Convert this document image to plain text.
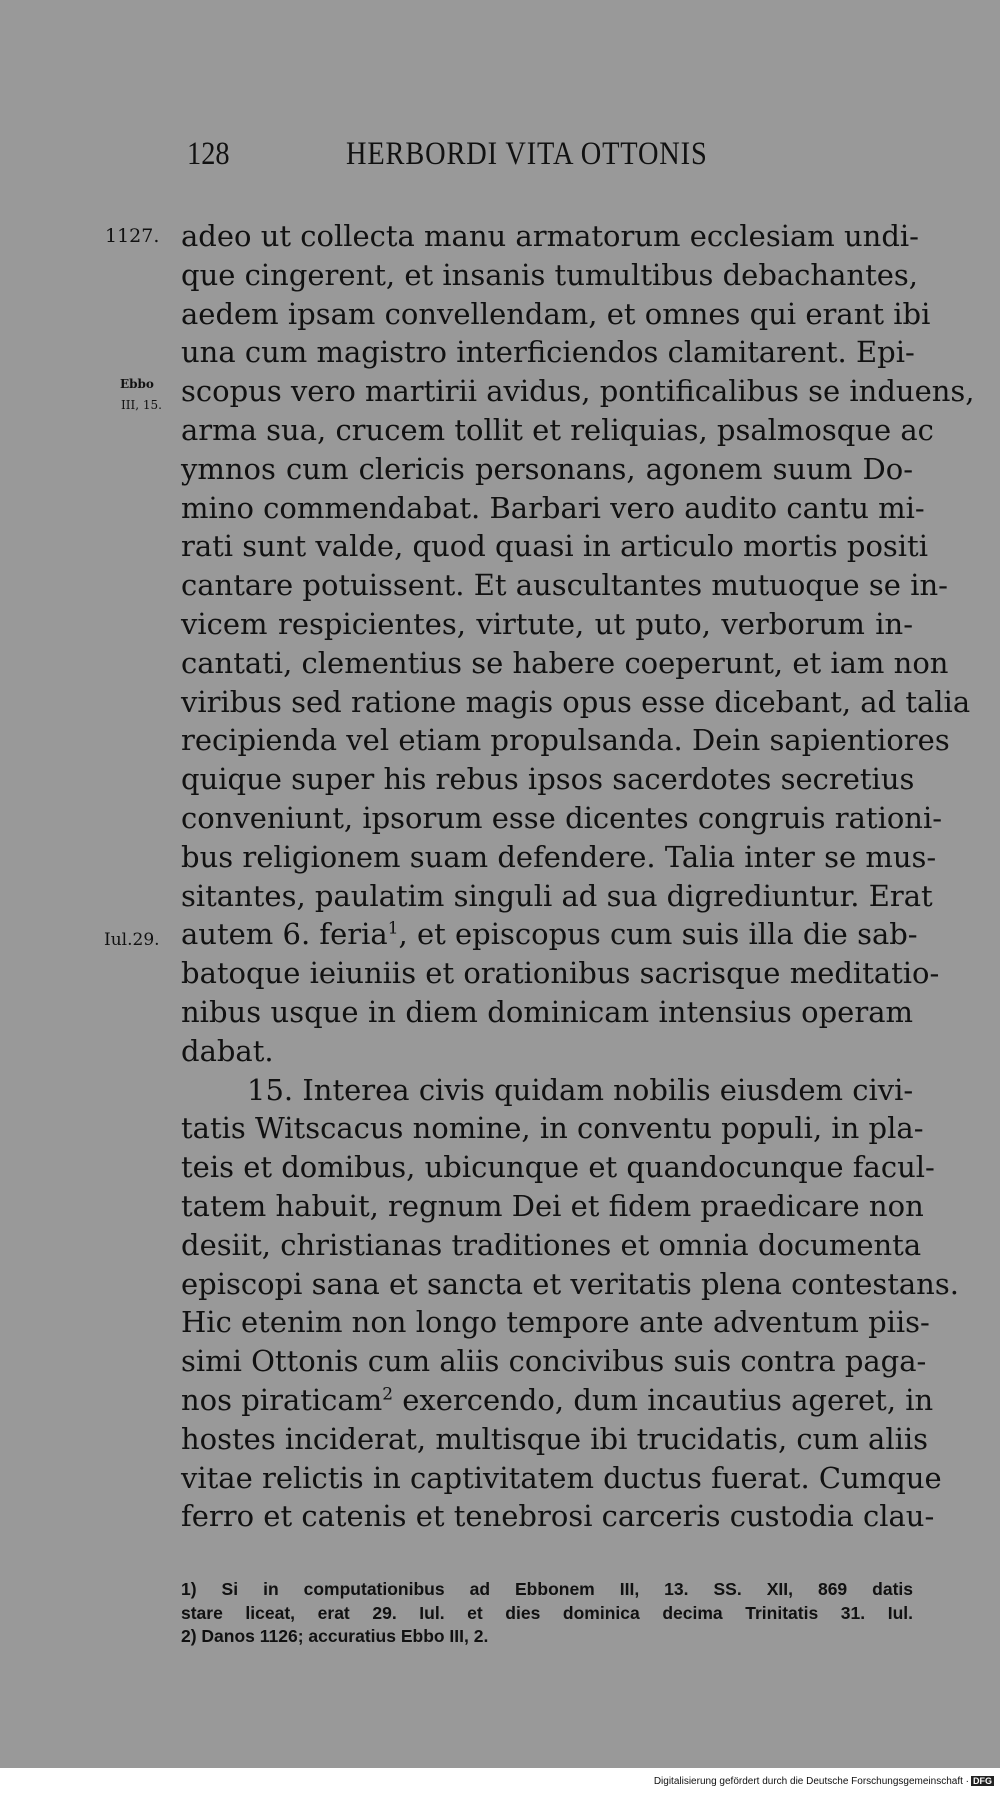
128	HERBORDI VITA OTTONIS
1127.
Ebbo
III, 15.
Iul.29.
adeo ut collecta manu armatorum ecclesiam undi-
que cingerent, et insanis tumultibus debachantes,
aedem ipsam convellendam, et omnes qui erant ibi
una cum magistro interficiendos clamitarent. Epi-
scopus vero martirii avidus, pontificalibus se induens,
arma sua, crucem tollit et reliquias, psalmosque ac
ymnos cum clericis personans, agonem suum Do-
mino commendabat. Barbari vero audito cantu mi-
rati sunt valde, quod quasi in articulo mortis positi
cantare potuissent. Et auscultantes mutuoque se in-
vicem respicientes, virtute, ut puto, verborum in-
cantati, clementius se habere coeperunt, et iam non
viribus sed ratione magis opus esse dicebant, ad talia
recipienda vel etiam propulsanda. Dein sapientiores
quique super his rebus ipsos sacerdotes secretius
conveniunt, ipsorum esse dicentes congruis rationi-
bus religionem suam defendere. Talia inter se mus-
sitantes, paulatim singuli ad sua digrediuntur. Erat
autem 6. feria$^1$, et episcopus cum suis illa die sab-
batoque ieiuniis et orationibus sacrisque meditatio-
nibus usque in diem dominicam intensius operam
dabat.
15. Interea civis quidam nobilis eiusdem civi-
tatis Witscacus nomine, in conventu populi, in pla-
teis et domibus, ubicunque et quandocunque facul-
tatem habuit, regnum Dei et fidem praedicare non
desiit, christianas traditiones et omnia documenta
episcopi sana et sancta et veritatis plena contestans.
Hic etenim non longo tempore ante adventum piis-
simi Ottonis cum aliis concivibus suis contra paga-
nos piraticam$^2$ exercendo, dum incautius ageret, in
hostes inciderat, multisque ibi trucidatis, cum aliis
vitae relictis in captivitatem ductus fuerat. Cumque
ferro et catenis et tenebrosi carceris custodia clau-
1) Si in computationibus ad Ebbonem III, 13. SS. XII, 869 datis
stare liceat, erat 29. Iul. et dies dominica decima Trinitatis 31. Iul.
2) Danos 1126; accuratius Ebbo III, 2.
Digitalisierung gefördert durch die Deutsche Forschungsgemeinschaft · DFG
